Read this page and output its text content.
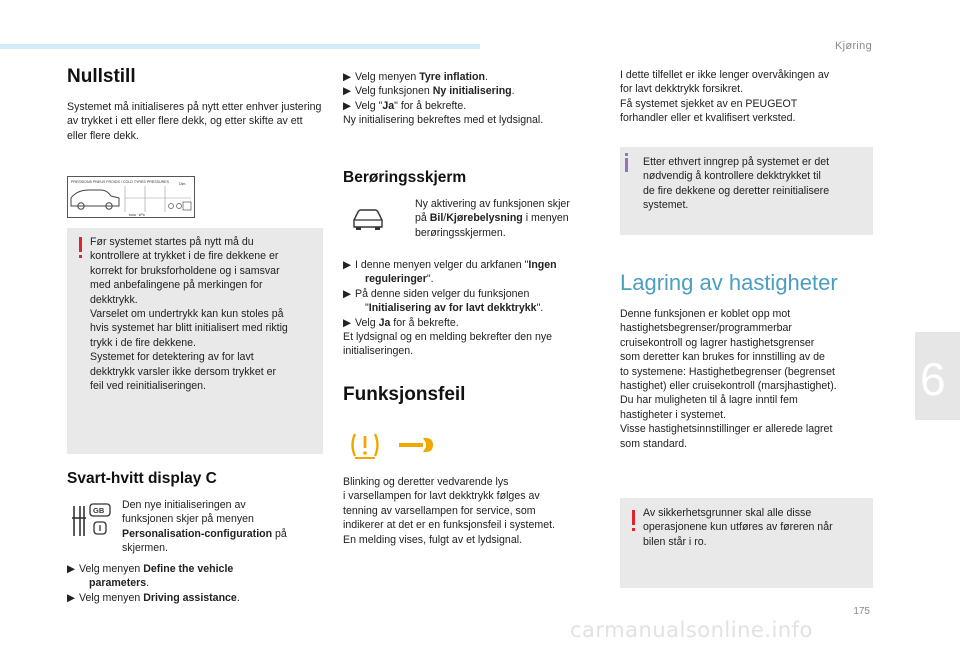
Kjøring
6
175
carmanualsonline.info
Nullstill
Systemet må initialiseres på nytt etter enhver justering av trykket i ett eller flere dekk, og etter skifte av ett eller flere dekk.
PRESSIONS PNEUS FROIDS / COLD TYRES PRESSURES	Dim.
bara · kPa
Før systemet startes på nytt må du
kontrollere at trykket i de fire dekkene er
korrekt for bruksforholdene og i samsvar
med anbefalingene på merkingen for
dekktrykk.
Varselet om undertrykk kan kun stoles på
hvis systemet har blitt initialisert med riktig
trykk i de fire dekkene.
Systemet for detektering av for lavt
dekktrykk varsler ikke dersom trykket er
feil ved reinitialiseringen.
Svart-hvitt display C
GB Den nye initialiseringen av
funksjonen skjer på menyen
Personalisation-configuration på
skjermen.
▶ Velg menyen Define the vehicle
parameters.
▶ Velg menyen Driving assistance.
▶ Velg menyen Tyre inflation.
▶ Velg funksjonen Ny initialisering.
▶ Velg "Ja" for å bekrefte.
Ny initialisering bekreftes med et lydsignal.
Berøringsskjerm
Ny aktivering av funksjonen skjer
på Bil/Kjørebelysning i menyen
berøringsskjermen.
▶ I denne menyen velger du arkfanen "Ingen
reguleringer".
▶ På denne siden velger du funksjonen
"Initialisering av for lavt dekktrykk".
▶ Velg Ja for å bekrefte.
Et lydsignal og en melding bekrefter den nye
initialiseringen.
Funksjonsfeil
Blinking og deretter vedvarende lys
i varsellampen for lavt dekktrykk følges av
tenning av varsellampen for service, som
indikerer at det er en funksjonsfeil i systemet.
En melding vises, fulgt av et lydsignal.
I dette tilfellet er ikke lenger overvåkingen av
for lavt dekktrykk forsikret.
Få systemet sjekket av en PEUGEOT
forhandler eller et kvalifisert verksted.
Etter ethvert inngrep på systemet er det
nødvendig å kontrollere dekktrykket til
de fire dekkene og deretter reinitialisere
systemet.
Lagring av hastigheter
Denne funksjonen er koblet opp mot
hastighetsbegrenser/programmerbar
cruisekontroll og lagrer hastighetsgrenser
som deretter kan brukes for innstilling av de
to systemene: Hastighetbegrenser (begrenset
hastighet) eller cruisekontroll (marsjhastighet).
Du har muligheten til å lagre inntil fem
hastigheter i systemet.
Visse hastighetsinnstillinger er allerede lagret
som standard.
Av sikkerhetsgrunner skal alle disse
operasjonene kun utføres av føreren når
bilen står i ro.
